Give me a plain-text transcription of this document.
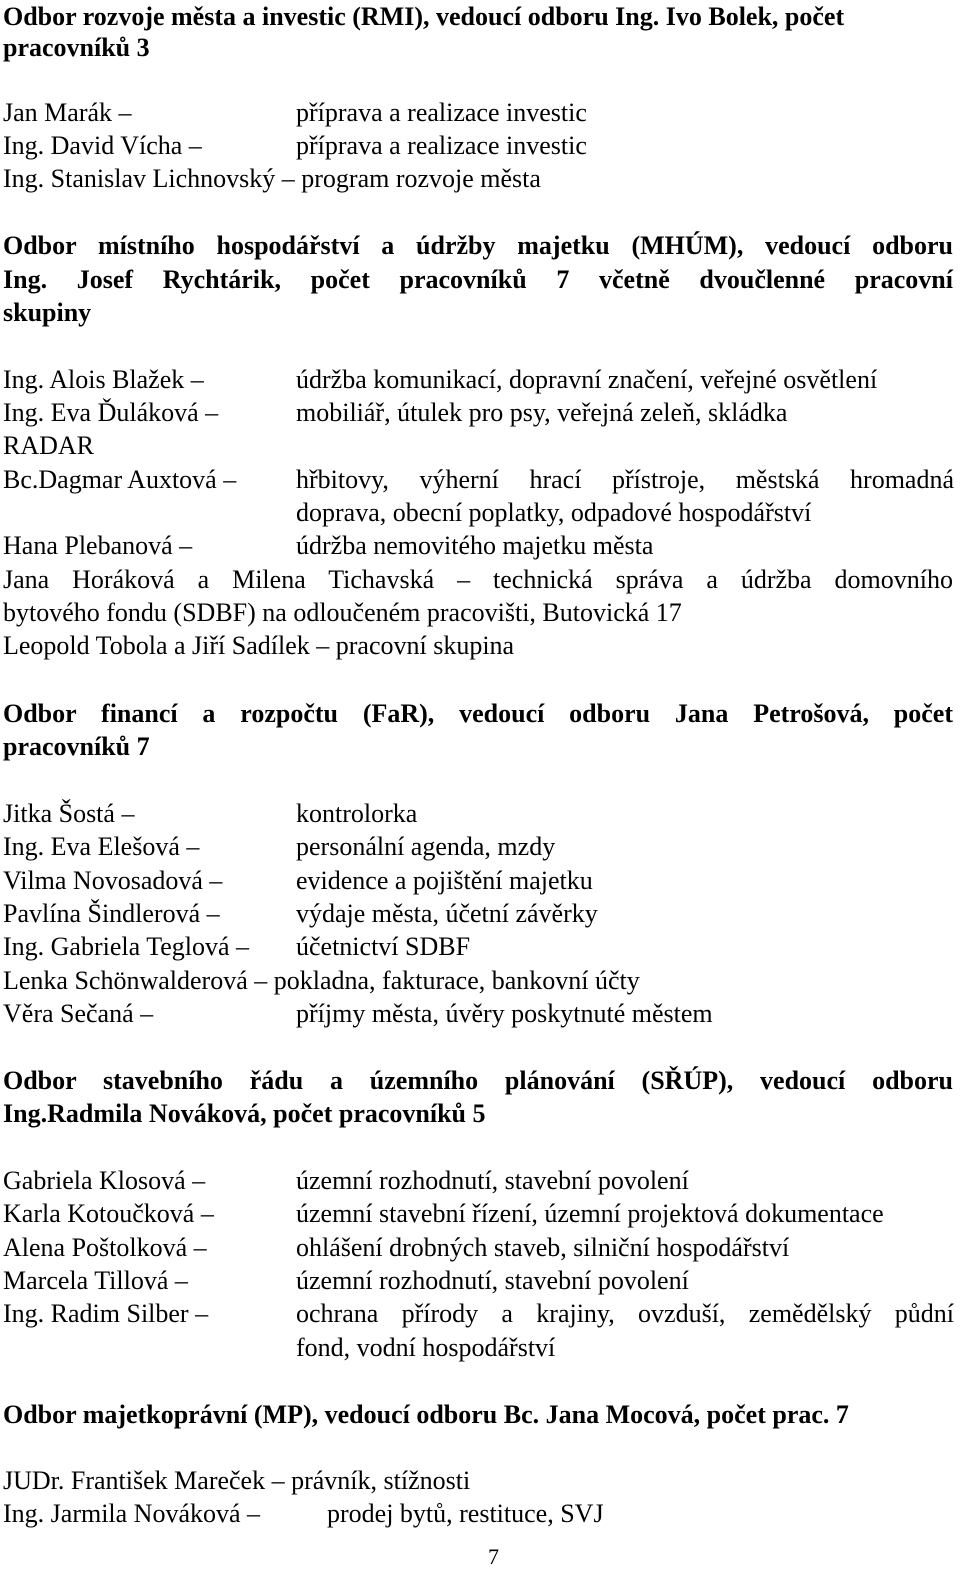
Odbor rozvoje města a investic (RMI), vedoucí odboru Ing. Ivo Bolek, počet
pracovníků 3
Jan Marák –	příprava a realizace investic
Ing. David Vícha –	příprava a realizace investic
Ing. Stanislav Lichnovský – program rozvoje města
Odbor místního hospodářství a údržby majetku (MHÚM), vedoucí odboru
Ing. Josef Rychtárik, počet pracovníků 7 včetně dvoučlenné pracovní
skupiny
Ing. Alois Blažek –	údržba komunikací, dopravní značení, veřejné osvětlení
Ing. Eva Ďuláková –	mobiliář, útulek pro psy, veřejná zeleň, skládka
RADAR
Bc.Dagmar Auxtová – hřbitovy, výherní hrací přístroje, městská hromadná
doprava, obecní poplatky, odpadové hospodářství
Hana Plebanová –	údržba nemovitého majetku města
Jana Horáková a Milena Tichavská – technická správa a údržba domovního
bytového fondu (SDBF) na odloučeném pracovišti, Butovická 17
Leopold Tobola a Jiří Sadílek – pracovní skupina
Odbor financí a rozpočtu (FaR), vedoucí odboru Jana Petrošová, počet
pracovníků 7
Jitka Šostá –	kontrolorka
Ing. Eva Elešová –	personální agenda, mzdy
Vilma Novosadová –	evidence a pojištění majetku
Pavlína Šindlerová –	výdaje města, účetní závěrky
Ing. Gabriela Teglová – účetnictví SDBF
Lenka Schönwalderová – pokladna, fakturace, bankovní účty
Věra Sečaná –	příjmy města, úvěry poskytnuté městem
Odbor stavebního řádu a územního plánování (SŘÚP), vedoucí odboru
Ing.Radmila Nováková, počet pracovníků 5
Gabriela Klosová –	územní rozhodnutí, stavební povolení
Karla Kotoučková –	územní stavební řízení, územní projektová dokumentace
Alena Poštolková –	ohlášení drobných staveb, silniční hospodářství
Marcela Tillová –	územní rozhodnutí, stavební povolení
Ing. Radim Silber –	ochrana přírody a krajiny, ovzduší, zemědělský půdní
fond, vodní hospodářství
Odbor majetkoprávní (MP), vedoucí odboru Bc. Jana Mocová, počet prac. 7
JUDr. František Mareček – právník, stížnosti
Ing. Jarmila Nováková –	prodej bytů, restituce, SVJ
7
